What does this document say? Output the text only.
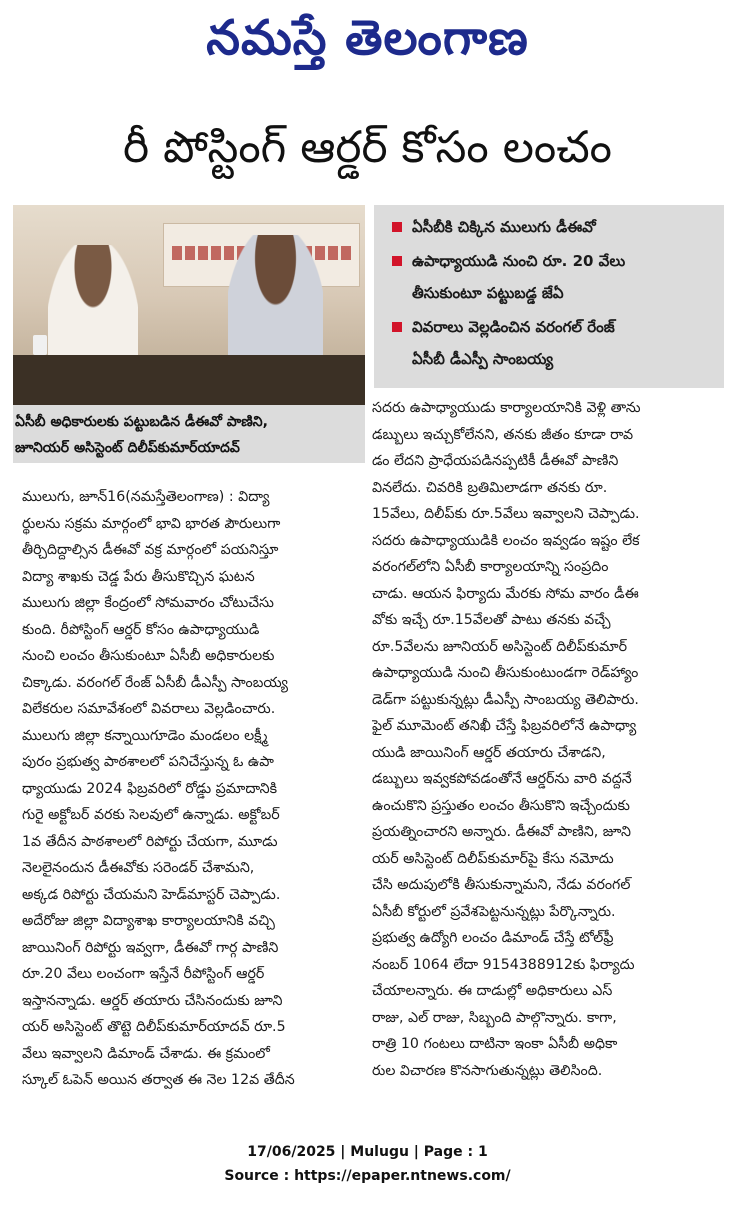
నమస్తే తెలంగాణ
రీ పోస్టింగ్ ఆర్డర్ కోసం లంచం
ఏసీబీ అధికారులకు పట్టుబడిన డీఈవో పాణిని,
జూనియర్ అసిస్టెంట్ దిలీప్‌కుమార్‌యాదవ్
ఏసీబీకి చిక్కిన ములుగు డీఈవో
ఉపాధ్యాయుడి నుంచి రూ. 20 వేలు
తీసుకుంటూ పట్టుబడ్డ జేఏ
వివరాలు వెల్లడించిన వరంగల్ రేంజ్
ఏసీబీ డీఎస్పీ సాంబయ్య
ములుగు, జూన్16(నమస్తేతెలంగాణ) : విద్యా
ర్థులను సక్రమ మార్గంలో భావి భారత పౌరులుగా
తీర్చిదిద్దాల్సిన డీఈవో వక్ర మార్గంలో పయనిస్తూ
విద్యా శాఖకు చెడ్డ పేరు తీసుకొచ్చిన ఘటన
ములుగు జిల్లా కేంద్రంలో సోమవారం చోటుచేసు
కుంది. రీపోస్టింగ్ ఆర్డర్ కోసం ఉపాధ్యాయుడి
నుంచి లంచం తీసుకుంటూ ఏసీబీ అధికారులకు
చిక్కాడు. వరంగల్ రేంజ్ ఏసీబీ డీఎస్పీ సాంబయ్య
విలేకరుల సమావేశంలో వివరాలు వెల్లడించారు.
ములుగు జిల్లా కన్నాయిగూడెం మండలం లక్ష్మీ
పురం ప్రభుత్వ పాఠశాలలో పనిచేస్తున్న ఓ ఉపా
ధ్యాయుడు 2024 ఫిబ్రవరిలో రోడ్డు ప్రమాదానికి
గురై అక్టోబర్ వరకు సెలవులో ఉన్నాడు. అక్టోబర్
1వ తేదీన పాఠశాలలో రిపోర్టు చేయగా, మూడు
నెలలైనందున డీఈవోకు సరెండర్ చేశామని,
అక్కడ రిపోర్టు చేయమని హెడ్‌మాస్టర్ చెప్పాడు.
అదేరోజు జిల్లా విద్యాశాఖ కార్యాలయానికి వచ్చి
జాయినింగ్ రిపోర్టు ఇవ్వగా, డీఈవో గార్గ పాణిని
రూ.20 వేలు లంచంగా ఇస్తేనే రీపోస్టింగ్ ఆర్డర్
ఇస్తానన్నాడు. ఆర్డర్ తయారు చేసినందుకు జూని
యర్ అసిస్టెంట్ తొట్టె దిలీప్‌కుమార్‌యాదవ్ రూ.5
వేలు ఇవ్వాలని డిమాండ్ చేశాడు. ఈ క్రమంలో
స్కూల్ ఓపెన్ అయిన తర్వాత ఈ నెల 12వ తేదీన
సదరు ఉపాధ్యాయుడు కార్యాలయానికి వెళ్లి తాను
డబ్బులు ఇచ్చుకోలేనని, తనకు జీతం కూడా రావ
డం లేదని ప్రాధేయపడినప్పటికీ డీఈవో పాణిని
వినలేదు. చివరికి బ్రతిమిలాడగా తనకు రూ.
15వేలు, దిలీప్‌కు రూ.5వేలు ఇవ్వాలని చెప్పాడు.
సదరు ఉపాధ్యాయుడికి లంచం ఇవ్వడం ఇష్టం లేక
వరంగల్‌లోని ఏసీబీ కార్యాలయాన్ని సంప్రదిం
చాడు. ఆయన ఫిర్యాదు మేరకు సోమ వారం డీఈ
వోకు ఇచ్చే రూ.15వేలతో పాటు తనకు వచ్చే
రూ.5వేలను జూనియర్ అసిస్టెంట్ దిలీప్‌కుమార్
ఉపాధ్యాయుడి నుంచి తీసుకుంటుండగా రెడ్‌హ్యాం
డెడ్‌గా పట్టుకున్నట్లు డీఎస్పీ సాంబయ్య తెలిపారు.
ఫైల్ మూమెంట్ తనిఖీ చేస్తే ఫిబ్రవరిలోనే ఉపాధ్యా
యుడి జాయినింగ్ ఆర్డర్ తయారు చేశాడని,
డబ్బులు ఇవ్వకపోవడంతోనే ఆర్డర్‌ను వారి వద్దనే
ఉంచుకొని ప్రస్తుతం లంచం తీసుకొని ఇచ్చేందుకు
ప్రయత్నించారని అన్నారు. డీఈవో పాణిని, జూని
యర్ అసిస్టెంట్ దిలీప్‌కుమార్‌పై కేసు నమోదు
చేసి అదుపులోకి తీసుకున్నామని, నేడు వరంగల్
ఏసీబీ కోర్టులో ప్రవేశపెట్టనున్నట్లు పేర్కొన్నారు.
ప్రభుత్వ ఉద్యోగి లంచం డిమాండ్ చేస్తే టోల్‌ఫ్రీ
నంబర్ 1064 లేదా 9154388912కు ఫిర్యాదు
చేయాలన్నారు. ఈ దాడుల్లో అధికారులు ఎస్
రాజు, ఎల్ రాజు, సిబ్బంది పాల్గొన్నారు. కాగా,
రాత్రి 10 గంటలు దాటినా ఇంకా ఏసీబీ అధికా
రుల విచారణ కొనసాగుతున్నట్లు తెలిసింది.
17/06/2025 | Mulugu | Page : 1
Source : https://epaper.ntnews.com/
